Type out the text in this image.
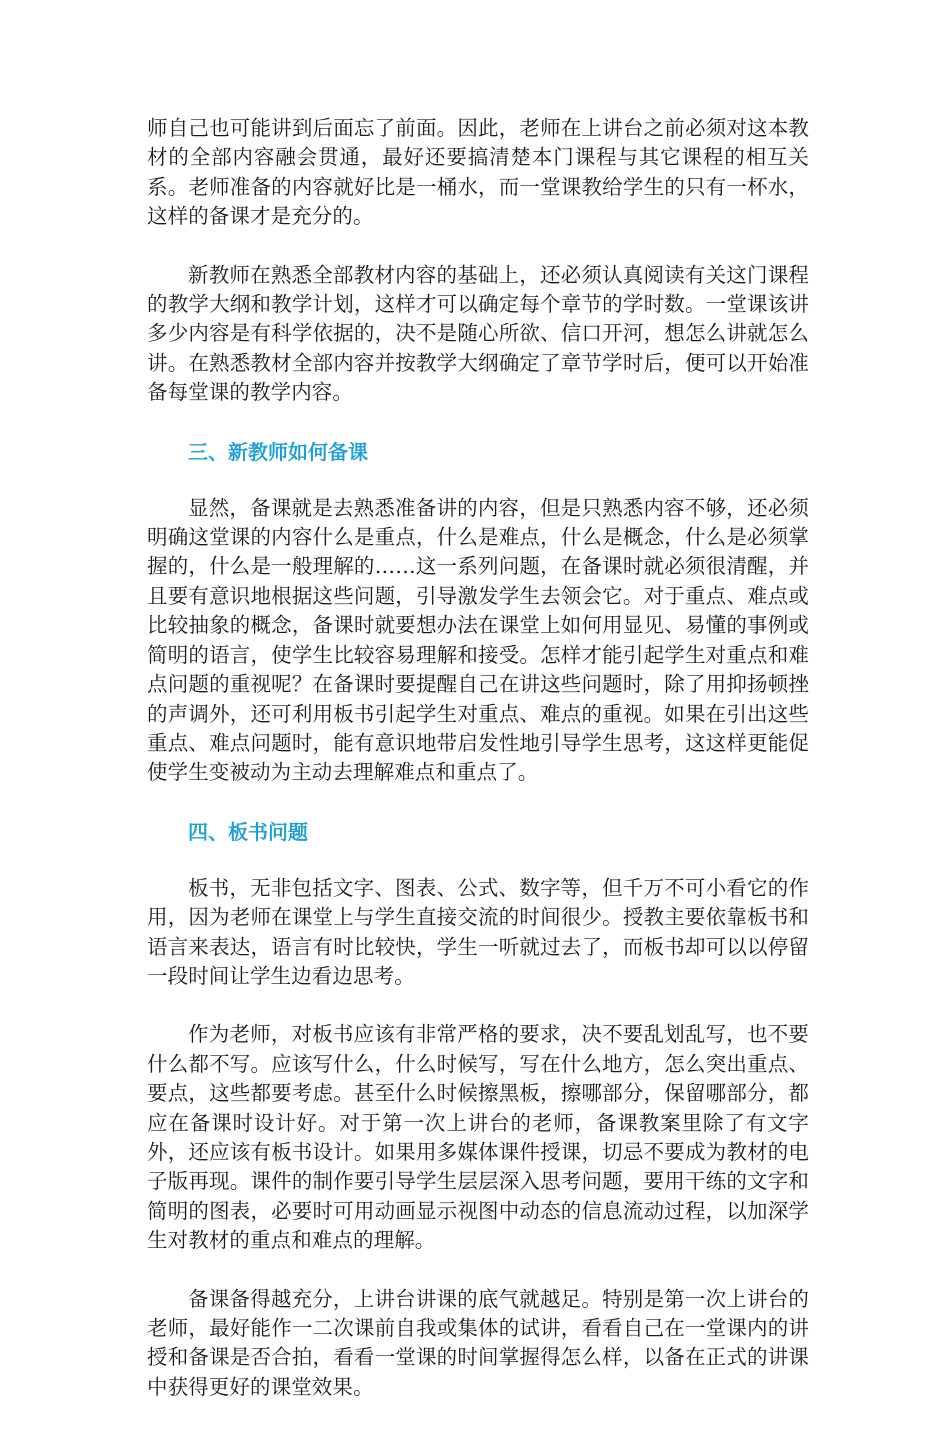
师自己也可能讲到后面忘了前面。因此，老师在上讲台之前必须对这本教材的全部内容融会贯通，最好还要搞清楚本门课程与其它课程的相互关系。老师准备的内容就好比是一桶水，而一堂课教给学生的只有一杯水，这样的备课才是充分的。

新教师在熟悉全部教材内容的基础上，还必须认真阅读有关这门课程的教学大纲和教学计划，这样才可以确定每个章节的学时数。一堂课该讲多少内容是有科学依据的，决不是随心所欲、信口开河，想怎么讲就怎么讲。在熟悉教材全部内容并按教学大纲确定了章节学时后，便可以开始准备每堂课的教学内容。

三、新教师如何备课

显然，备课就是去熟悉准备讲的内容，但是只熟悉内容不够，还必须明确这堂课的内容什么是重点，什么是难点，什么是概念，什么是必须掌握的，什么是一般理解的……这一系列问题，在备课时就必须很清醒，并且要有意识地根据这些问题，引导激发学生去领会它。对于重点、难点或比较抽象的概念，备课时就要想办法在课堂上如何用显见、易懂的事例或简明的语言，使学生比较容易理解和接受。怎样才能引起学生对重点和难点问题的重视呢？在备课时要提醒自己在讲这些问题时，除了用抑扬顿挫的声调外，还可利用板书引起学生对重点、难点的重视。如果在引出这些重点、难点问题时，能有意识地带启发性地引导学生思考，这这样更能促使学生变被动为主动去理解难点和重点了。

四、板书问题

板书，无非包括文字、图表、公式、数字等，但千万不可小看它的作用，因为老师在课堂上与学生直接交流的时间很少。授教主要依靠板书和语言来表达，语言有时比较快，学生一听就过去了，而板书却可以以停留一段时间让学生边看边思考。

作为老师，对板书应该有非常严格的要求，决不要乱划乱写，也不要什么都不写。应该写什么，什么时候写，写在什么地方，怎么突出重点、要点，这些都要考虑。甚至什么时候擦黑板，擦哪部分，保留哪部分，都应在备课时设计好。对于第一次上讲台的老师，备课教案里除了有文字外，还应该有板书设计。如果用多媒体课件授课，切忌不要成为教材的电子版再现。课件的制作要引导学生层层深入思考问题，要用干练的文字和简明的图表，必要时可用动画显示视图中动态的信息流动过程，以加深学生对教材的重点和难点的理解。

备课备得越充分，上讲台讲课的底气就越足。特别是第一次上讲台的老师，最好能作一二次课前自我或集体的试讲，看看自己在一堂课内的讲授和备课是否合拍，看看一堂课的时间掌握得怎么样，以备在正式的讲课中获得更好的课堂效果。
